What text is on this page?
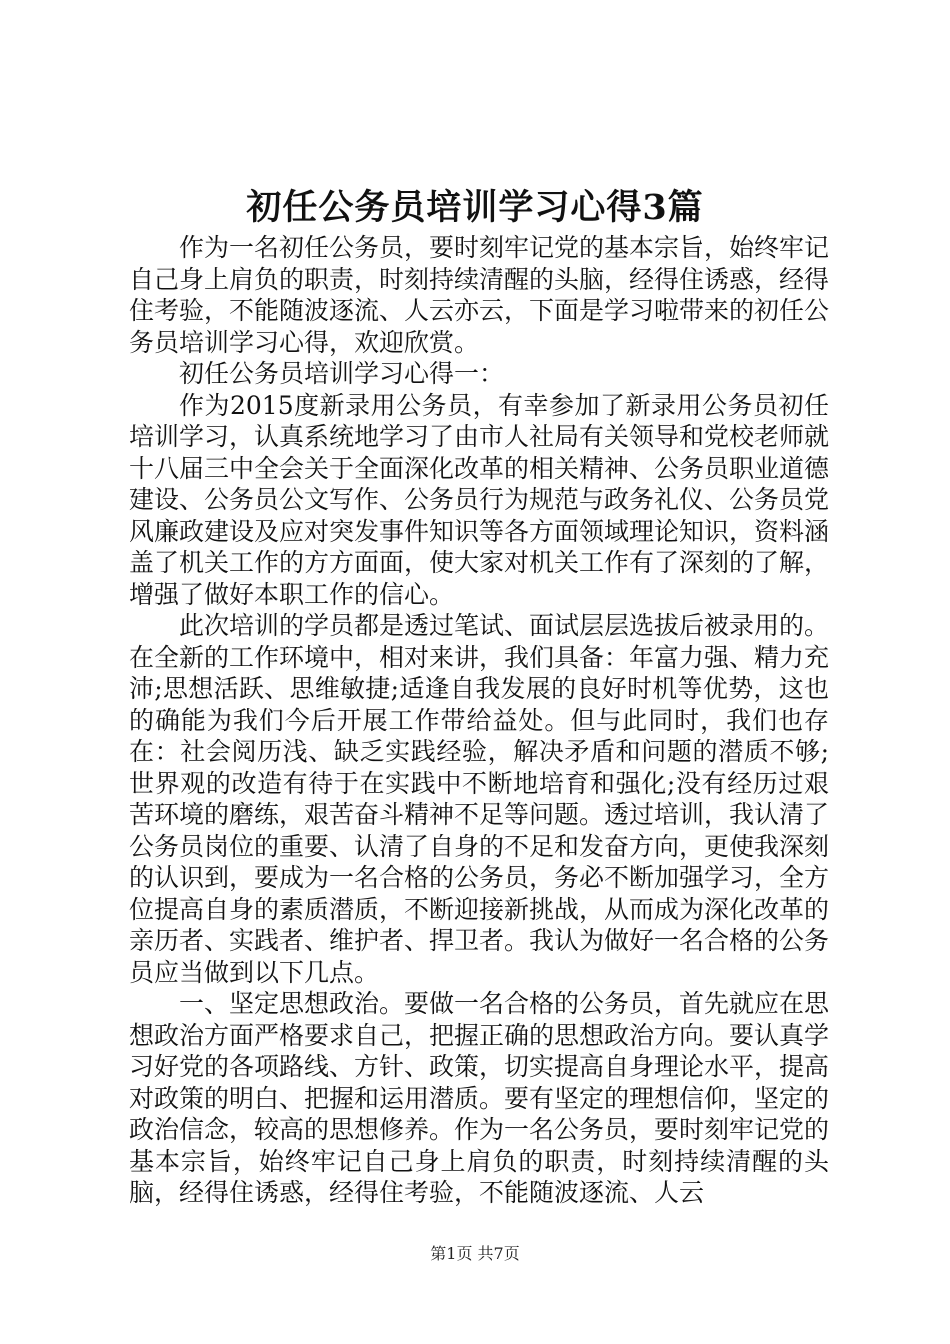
初任公务员培训学习心得3篇

作为一名初任公务员，要时刻牢记党的基本宗旨，始终牢记自己身上肩负的职责，时刻持续清醒的头脑，经得住诱惑，经得住考验，不能随波逐流、人云亦云，下面是学习啦带来的初任公务员培训学习心得，欢迎欣赏。

初任公务员培训学习心得一：

作为2015度新录用公务员，有幸参加了新录用公务员初任培训学习，认真系统地学习了由市人社局有关领导和党校老师就十八届三中全会关于全面深化改革的相关精神、公务员职业道德建设、公务员公文写作、公务员行为规范与政务礼仪、公务员党风廉政建设及应对突发事件知识等各方面领域理论知识，资料涵盖了机关工作的方方面面，使大家对机关工作有了深刻的了解，增强了做好本职工作的信心。

此次培训的学员都是透过笔试、面试层层选拔后被录用的。在全新的工作环境中，相对来讲，我们具备：年富力强、精力充沛;思想活跃、思维敏捷;适逢自我发展的良好时机等优势，这也的确能为我们今后开展工作带给益处。但与此同时，我们也存在：社会阅历浅、缺乏实践经验，解决矛盾和问题的潜质不够;世界观的改造有待于在实践中不断地培育和强化;没有经历过艰苦环境的磨练，艰苦奋斗精神不足等问题。透过培训，我认清了公务员岗位的重要、认清了自身的不足和发奋方向，更使我深刻的认识到，要成为一名合格的公务员，务必不断加强学习，全方位提高自身的素质潜质，不断迎接新挑战，从而成为深化改革的亲历者、实践者、维护者、捍卫者。我认为做好一名合格的公务员应当做到以下几点。

一、坚定思想政治。要做一名合格的公务员，首先就应在思想政治方面严格要求自己，把握正确的思想政治方向。要认真学习好党的各项路线、方针、政策，切实提高自身理论水平，提高对政策的明白、把握和运用潜质。要有坚定的理想信仰，坚定的政治信念，较高的思想修养。作为一名公务员，要时刻牢记党的基本宗旨，始终牢记自己身上肩负的职责，时刻持续清醒的头脑，经得住诱惑，经得住考验，不能随波逐流、人云

第1页 共7页
